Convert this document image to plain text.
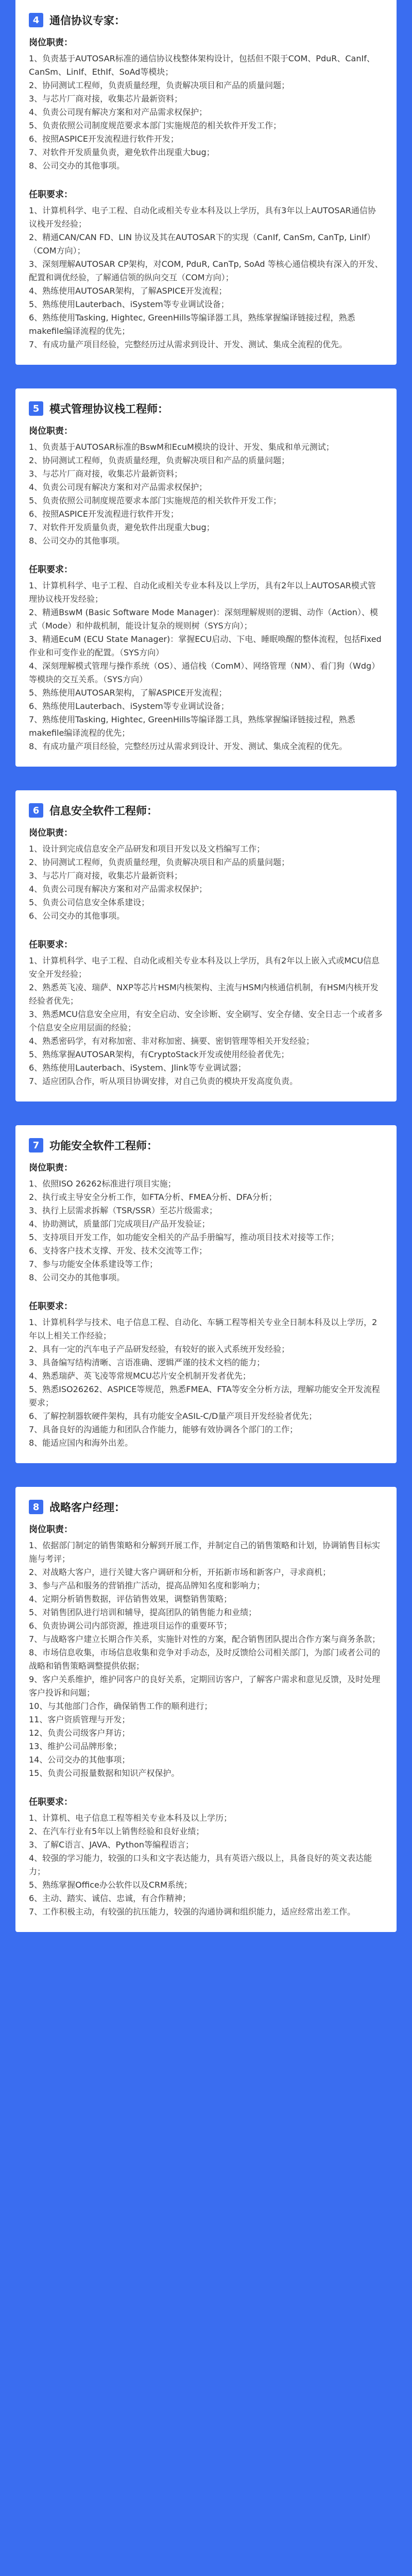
4 通信协议专家：
岗位职责：
1、负责基于AUTOSAR标准的通信协议栈整体架构设计，包括但不限于COM、PduR、CanIf、CanSm、LinIf、EthIf、SoAd等模块；
2、协同测试工程师，负责质量经理，负责解决项目和产品的质量问题；
3、与芯片厂商对接，收集芯片最新资料；
4、负责公司现有解决方案和对产品需求权保护；
5、负责依照公司制度规范要求本部门实施规范的相关软件开发工作；
6、按照ASPICE开发流程进行软件开发；
7、对软件开发质量负责，避免软件出现重大bug；
8、公司交办的其他事项。
任职要求：
1、计算机科学、电子工程、自动化或相关专业本科及以上学历，具有3年以上AUTOSAR通信协议栈开发经验；
2、精通CAN/CAN FD、LIN 协议及其在AUTOSAR下的实现（CanIf, CanSm, CanTp, LinIf）（COM方向）；
3、深刻理解AUTOSAR CP架构，对COM, PduR, CanTp, SoAd 等核心通信模块有深入的开发、配置和调优经验，了解通信领的纵向交互（COM方向）；
4、熟练使用AUTOSAR架构，了解ASPICE开发流程；
5、熟练使用Lauterbach、iSystem等专业调试设备；
6、熟练使用Tasking, Hightec, GreenHills等编译器工具，熟练掌握编译链接过程，熟悉makefile编译流程的优先；
7、有成功量产项目经验，完整经历过从需求到设计、开发、测试、集成全流程的优先。
5 模式管理协议栈工程师：
岗位职责：
1、负责基于AUTOSAR标准的BswM和EcuM模块的设计、开发、集成和单元测试；
2、协同测试工程师，负责质量经理，负责解决项目和产品的质量问题；
3、与芯片厂商对接，收集芯片最新资料；
4、负责公司现有解决方案和对产品需求权保护；
5、负责依照公司制度规范要求本部门实施规范的相关软件开发工作；
6、按照ASPICE开发流程进行软件开发；
7、对软件开发质量负责，避免软件出现重大bug；
8、公司交办的其他事项。
任职要求：
1、计算机科学、电子工程、自动化或相关专业本科及以上学历，具有2年以上AUTOSAR模式管理协议栈开发经验；
2、精通BswM (Basic Software Mode Manager)：深刻理解规则的逻辑、动作（Action）、模式（Mode）和仲裁机制，能设计复杂的规则树（SYS方向）；
3、精通EcuM (ECU State Manager)：掌握ECU启动、下电、睡眠唤醒的整体流程，包括Fixed作业和可变作业的配置。（SYS方向）
4、深刻理解模式管理与操作系统（OS）、通信栈（ComM）、网络管理（NM）、看门狗（Wdg）等模块的交互关系。（SYS方向）
5、熟练使用AUTOSAR架构，了解ASPICE开发流程；
6、熟练使用Lauterbach、iSystem等专业调试设备；
7、熟练使用Tasking, Hightec, GreenHills等编译器工具，熟练掌握编译链接过程，熟悉makefile编译流程的优先；
8、有成功量产项目经验，完整经历过从需求到设计、开发、测试、集成全流程的优先。
6 信息安全软件工程师：
岗位职责：
1、设计到完成信息安全产品研发和项目开发以及文档编写工作；
2、协同测试工程师，负责质量经理，负责解决项目和产品的质量问题；
3、与芯片厂商对接，收集芯片最新资料；
4、负责公司现有解决方案和对产品需求权保护；
5、负责公司信息安全体系建设；
6、公司交办的其他事项。
任职要求：
1、计算机科学、电子工程、自动化或相关专业本科及以上学历，具有2年以上嵌入式或MCU信息安全开发经验；
2、熟悉英飞凌、瑞萨、NXP等芯片HSM内核架构、主流与HSM内核通信机制，有HSM内核开发经验者优先；
3、熟悉MCU信息安全应用，有安全启动、安全诊断、安全刷写、安全存储、安全日志一个或者多个信息安全应用层面的经验；
4、熟悉密码学，有对称加密、非对称加密、摘要、密钥管理等相关开发经验；
5、熟练掌握AUTOSAR架构，有CryptoStack开发或使用经验者优先；
6、熟练使用Lauterbach、iSystem、Jlink等专业调试器；
7、适应团队合作，听从项目协调安排，对自己负责的模块开发高度负责。
7 功能安全软件工程师：
岗位职责：
1、依照ISO 26262标准进行项目实施；
2、执行或主导安全分析工作，如FTA分析、FMEA分析、DFA分析；
3、执行上层需求拆解（TSR/SSR）至芯片级需求；
4、协助测试，质量部门完成项目/产品开发验证；
5、支持项目开发工作，如功能安全相关的产品手册编写，推动项目技术对接等工作；
6、支持客户技术支撑、开发、技术交流等工作；
7、参与功能安全体系建设等工作；
8、公司交办的其他事项。
任职要求：
1、计算机科学与技术、电子信息工程、自动化、车辆工程等相关专业全日制本科及以上学历，2年以上相关工作经验；
2、具有一定的汽车电子产品研发经验，有较好的嵌入式系统开发经验；
3、具备编写结构清晰、言语准确、逻辑严谨的技术文档的能力；
4、熟悉瑞萨、英飞凌等常规MCU芯片安全机制开发者优先；
5、熟悉ISO26262、ASPICE等规范，熟悉FMEA、FTA等安全分析方法，理解功能安全开发流程要求；
6、了解控制器软硬件架构，具有功能安全ASIL-C/D量产项目开发经验者优先；
7、具备良好的沟通能力和团队合作能力，能够有效协调各个部门的工作；
8、能适应国内和海外出差。
8 战略客户经理：
岗位职责：
1、依据部门制定的销售策略和分解到开展工作，并制定自己的销售策略和计划，协调销售目标实施与考评；
2、对战略大客户，进行关键大客户调研和分析，开拓新市场和新客户，寻求商机；
3、参与产品和服务的营销推广活动，提高品牌知名度和影响力；
4、定期分析销售数据，评估销售效果，调整销售策略；
5、对销售团队进行培训和辅导，提高团队的销售能力和业绩；
6、负责协调公司内部资源，推进项目运作的重要环节；
7、与战略客户建立长期合作关系，实施针对性的方案，配合销售团队提出合作方案与商务条款；
8、市场信息收集，市场信息收集和竞争对手动态，及时反馈给公司相关部门，为部门或者公司的战略和销售策略调整提供依据；
9、客户关系维护，维护同客户的良好关系，定期回访客户，了解客户需求和意见反馈，及时处理客户投诉和问题；
10、与其他部门合作，确保销售工作的顺利进行；
11、客户资质管理与开发；
12、负责公司级客户拜访；
13、维护公司品牌形象；
14、公司交办的其他事项；
15、负责公司报量数据和知识产权保护。
任职要求：
1、计算机、电子信息工程等相关专业本科及以上学历；
2、在汽车行业有5年以上销售经验和良好业绩；
3、了解C语言、JAVA、Python等编程语言；
4、较强的学习能力，较强的口头和文字表达能力，具有英语六级以上，具备良好的英文表达能力；
5、熟练掌握Office办公软件以及CRM系统；
6、主动、踏实、诚信、忠诚，有合作精神；
7、工作积极主动，有较强的抗压能力，较强的沟通协调和组织能力，适应经常出差工作。
